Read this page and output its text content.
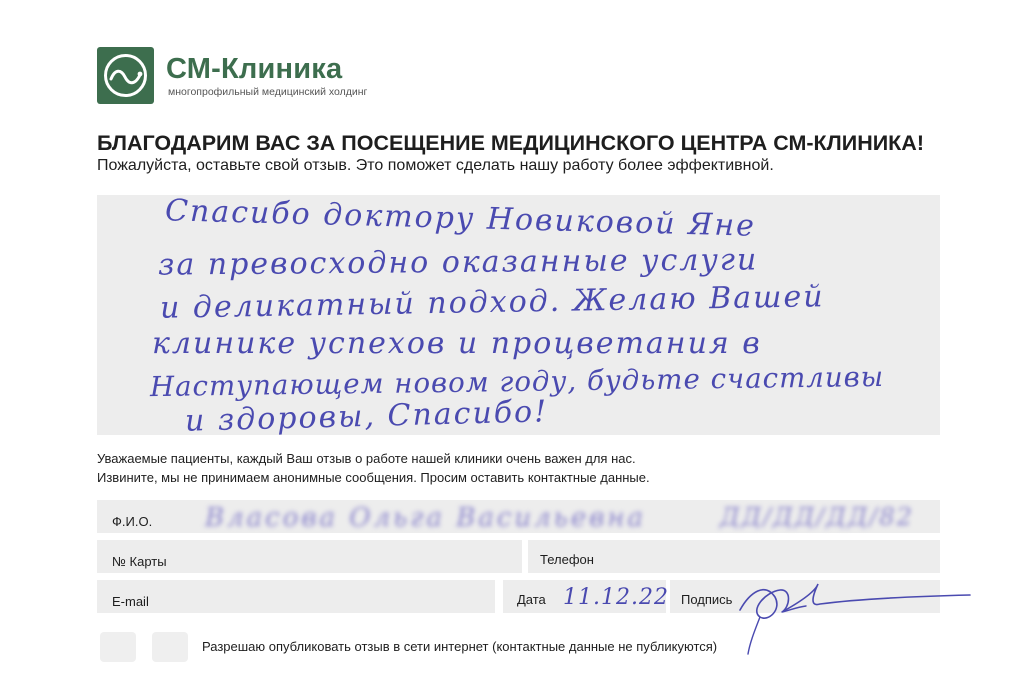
СМ-Клиника
многопрофильный медицинский холдинг
БЛАГОДАРИМ ВАС ЗА ПОСЕЩЕНИЕ МЕДИЦИНСКОГО ЦЕНТРА СМ-КЛИНИКА!
Пожалуйста, оставьте свой отзыв. Это поможет сделать нашу работу более эффективной.
Спасибо доктору Новиковой Яне
за превосходно оказанные услуги
и деликатный подход. Желаю Вашей
клинике успехов и процветания в
Наступающем новом году, будьте счастливы
и здоровы, Спасибо!
Уважаемые пациенты, каждый Ваш отзыв о работе нашей клиники очень важен для нас.
Извините, мы не принимаем анонимные сообщения. Просим оставить контактные данные.
Ф.И.О. Власова Ольга Васильевна	ДД/ДД/ДД/82
№ Карты	Телефон
E-mail	Дата 11.12.22 Подпись
Разрешаю опубликовать отзыв в сети интернет (контактные данные не публикуются)
